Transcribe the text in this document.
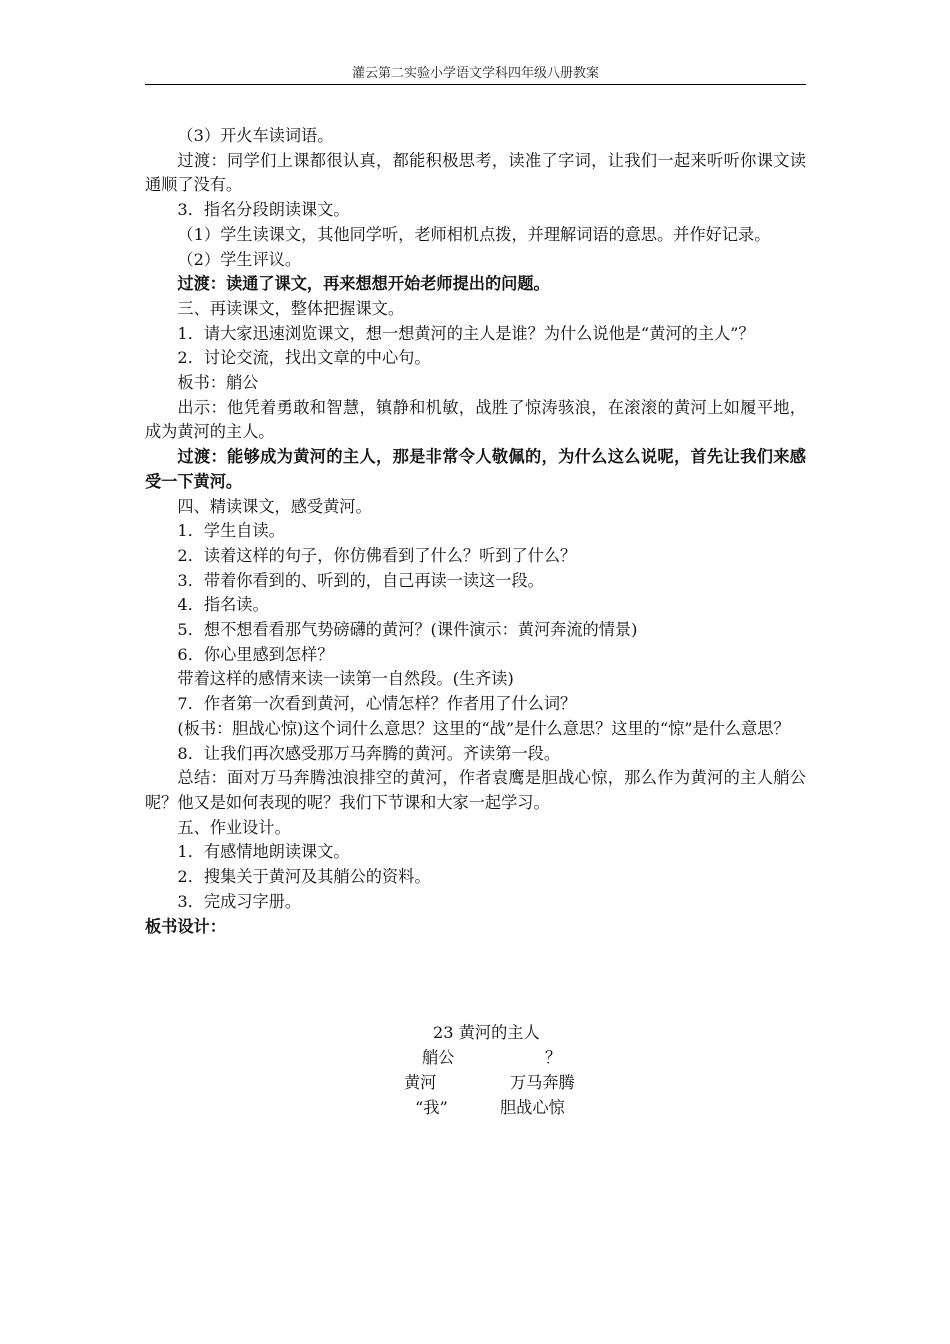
灌云第二实验小学语文学科四年级八册教案

（3）开火车读词语。

过渡：同学们上课都很认真，都能积极思考，读准了字词，让我们一起来听听你课文读通顺了没有。

3．指名分段朗读课文。

（1）学生读课文，其他同学听，老师相机点拨，并理解词语的意思。并作好记录。

（2）学生评议。

过渡：读通了课文，再来想想开始老师提出的问题。

三、再读课文，整体把握课文。

1．请大家迅速浏览课文，想一想黄河的主人是谁？为什么说他是“黄河的主人”？

2．讨论交流，找出文章的中心句。

板书：艄公

出示：他凭着勇敢和智慧，镇静和机敏，战胜了惊涛骇浪，在滚滚的黄河上如履平地，成为黄河的主人。

过渡：能够成为黄河的主人，那是非常令人敬佩的，为什么这么说呢，首先让我们来感受一下黄河。

四、精读课文，感受黄河。

1．学生自读。

2．读着这样的句子，你仿佛看到了什么？听到了什么？

3．带着你看到的、听到的，自己再读一读这一段。

4．指名读。

5．想不想看看那气势磅礴的黄河？(课件演示：黄河奔流的情景)

6．你心里感到怎样？

带着这样的感情来读一读第一自然段。(生齐读)

7．作者第一次看到黄河，心情怎样？作者用了什么词？

(板书：胆战心惊)这个词什么意思？这里的“战”是什么意思？这里的“惊”是什么意思？

8．让我们再次感受那万马奔腾的黄河。齐读第一段。

总结：面对万马奔腾浊浪排空的黄河，作者袁鹰是胆战心惊，那么作为黄河的主人艄公呢？他又是如何表现的呢？我们下节课和大家一起学习。

五、作业设计。

1．有感情地朗读课文。

2．搜集关于黄河及其艄公的资料。

3．完成习字册。

板书设计：

23 黄河的主人
艄公	？
黄河	万马奔腾
“我”	胆战心惊
